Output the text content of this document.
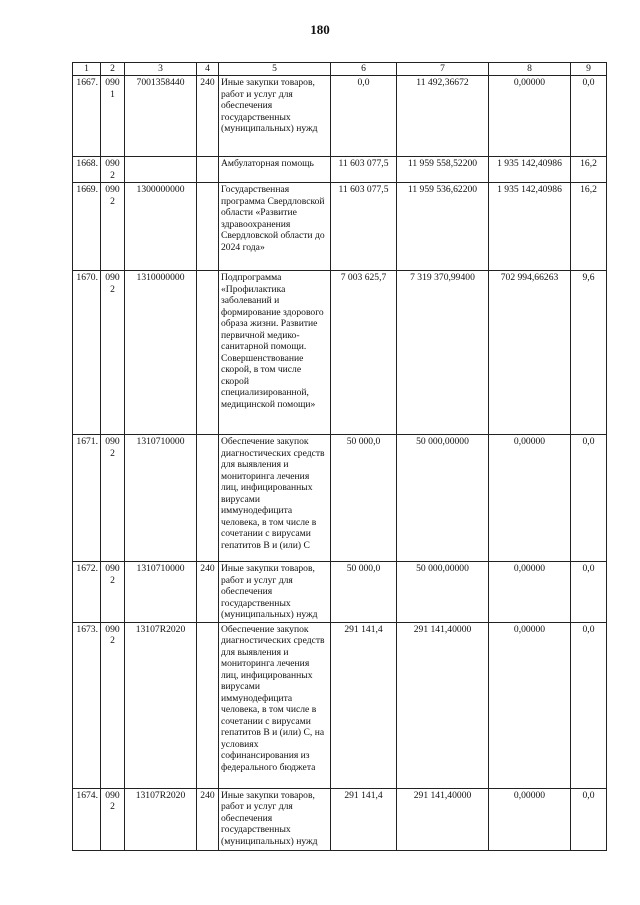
180
1	2	3	4	5	6	7	8	9
1667.	0901	7001358440	240	Иные закупки товаров, работ и услуг для обеспечения государственных (муниципальных) нужд	0,0	11 492,36672	0,00000	0,0
1668.	0902			Амбулаторная помощь	11 603 077,5	11 959 558,52200	1 935 142,40986	16,2
1669.	0902	1300000000		Государственная программа Свердловской области «Развитие здравоохранения Свердловской области до 2024 года»	11 603 077,5	11 959 536,62200	1 935 142,40986	16,2
1670.	0902	1310000000		Подпрограмма «Профилактика заболеваний и формирование здорового образа жизни. Развитие первичной медико-санитарной помощи. Совершенствование скорой, в том числе скорой специализированной, медицинской помощи»	7 003 625,7	7 319 370,99400	702 994,66263	9,6
1671.	0902	1310710000		Обеспечение закупок диагностических средств для выявления и мониторинга лечения лиц, инфицированных вирусами иммунодефицита человека, в том числе в сочетании с вирусами гепатитов В и (или) С	50 000,0	50 000,00000	0,00000	0,0
1672.	0902	1310710000	240	Иные закупки товаров, работ и услуг для обеспечения государственных (муниципальных) нужд	50 000,0	50 000,00000	0,00000	0,0
1673.	0902	13107R2020		Обеспечение закупок диагностических средств для выявления и мониторинга лечения лиц, инфицированных вирусами иммунодефицита человека, в том числе в сочетании с вирусами гепатитов В и (или) С, на условиях софинансирования из федерального бюджета	291 141,4	291 141,40000	0,00000	0,0
1674.	0902	13107R2020	240	Иные закупки товаров, работ и услуг для обеспечения государственных (муниципальных) нужд	291 141,4	291 141,40000	0,00000	0,0
